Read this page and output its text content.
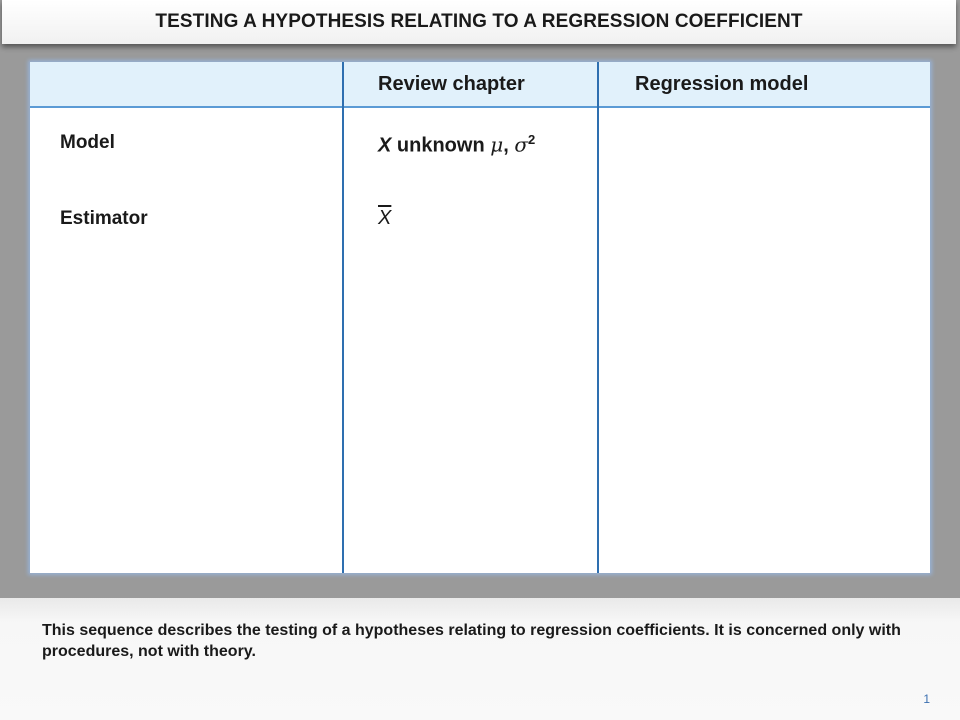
TESTING A HYPOTHESIS RELATING TO A REGRESSION COEFFICIENT
Review chapter	Regression model
Model
Estimator
X unknown μ, $\sigma^2$
$\overline{X}$
This sequence describes the testing of a hypotheses relating to regression coefficients. It is concerned only with procedures, not with theory.
1
